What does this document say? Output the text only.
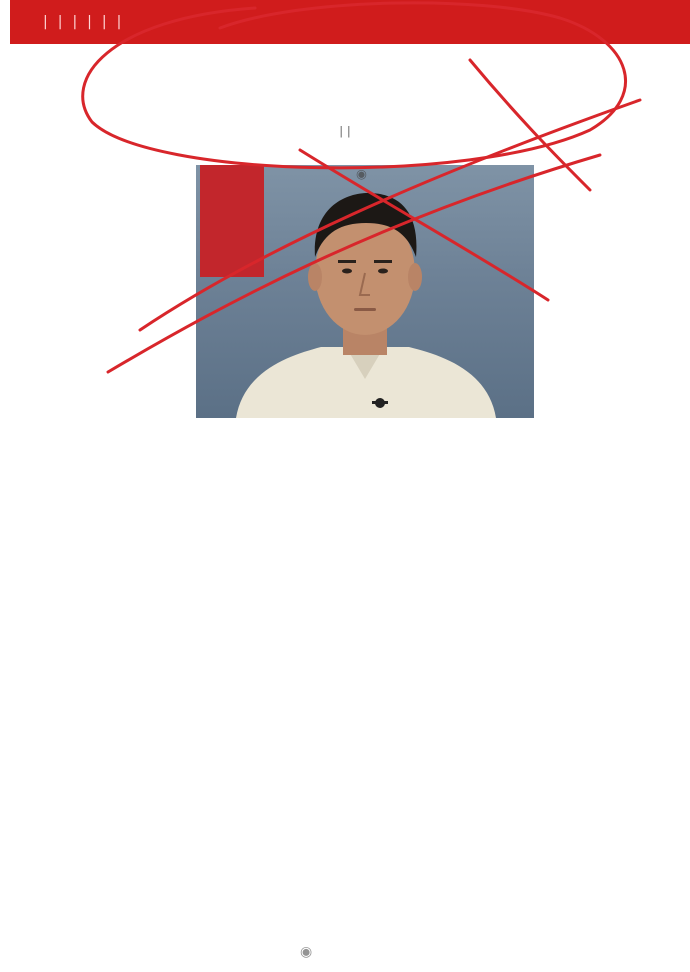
| | | | | |
| |
◉

◉
